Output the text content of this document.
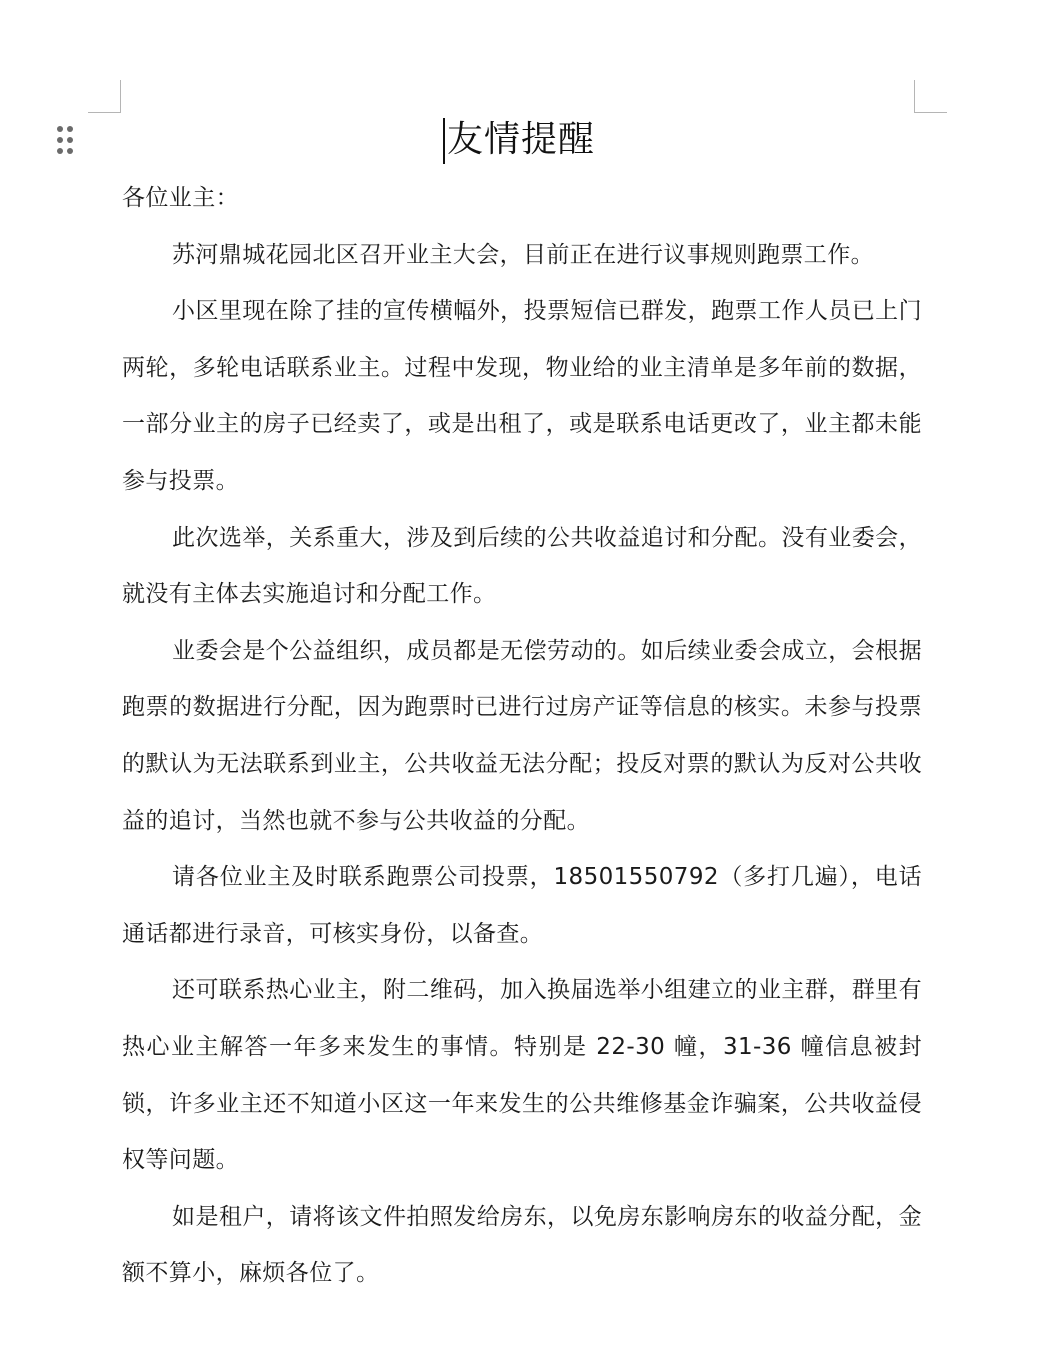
友情提醒

各位业主：

苏河鼎城花园北区召开业主大会，目前正在进行议事规则跑票工作。

小区里现在除了挂的宣传横幅外，投票短信已群发，跑票工作人员已上门两轮，多轮电话联系业主。过程中发现，物业给的业主清单是多年前的数据，一部分业主的房子已经卖了，或是出租了，或是联系电话更改了，业主都未能参与投票。

此次选举，关系重大，涉及到后续的公共收益追讨和分配。没有业委会，就没有主体去实施追讨和分配工作。

业委会是个公益组织，成员都是无偿劳动的。如后续业委会成立，会根据跑票的数据进行分配，因为跑票时已进行过房产证等信息的核实。未参与投票的默认为无法联系到业主，公共收益无法分配；投反对票的默认为反对公共收益的追讨，当然也就不参与公共收益的分配。

请各位业主及时联系跑票公司投票，18501550792（多打几遍），电话通话都进行录音，可核实身份，以备查。

还可联系热心业主，附二维码，加入换届选举小组建立的业主群，群里有热心业主解答一年多来发生的事情。特别是 22-30 幢，31-36 幢信息被封锁，许多业主还不知道小区这一年来发生的公共维修基金诈骗案，公共收益侵权等问题。

如是租户，请将该文件拍照发给房东，以免房东影响房东的收益分配，金额不算小，麻烦各位了。
